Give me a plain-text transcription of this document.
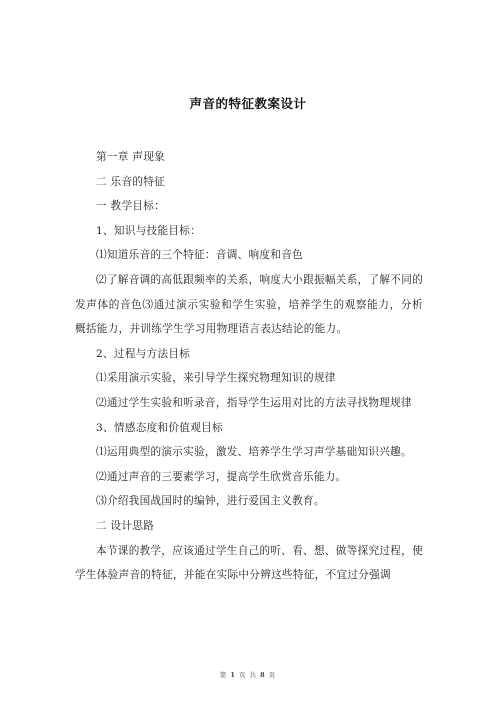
声音的特征教案设计

第一章 声现象

二 乐音的特征

一 教学目标：

1、知识与技能目标：

⑴知道乐音的三个特征：音调、响度和音色

⑵了解音调的高低跟频率的关系，响度大小跟振幅关系，了解不同的发声体的音色⑶通过演示实验和学生实验，培养学生的观察能力，分析概括能力，并训练学生学习用物理语言表达结论的能力。

2、过程与方法目标

⑴采用演示实验，来引导学生探究物理知识的规律

⑵通过学生实验和听录音，指导学生运用对比的方法寻找物理规律

3、情感态度和价值观目标

⑴运用典型的演示实验，激发、培养学生学习声学基础知识兴趣。

⑵通过声音的三要素学习，提高学生欣赏音乐能力。

⑶介绍我国战国时的编钟，进行爱国主义教育。

二 设计思路

本节课的教学，应该通过学生自己的听、看、想、做等探究过程，使学生体验声音的特征，并能在实际中分辨这些特征，不宜过分强调

第 1 页 共 8 页
